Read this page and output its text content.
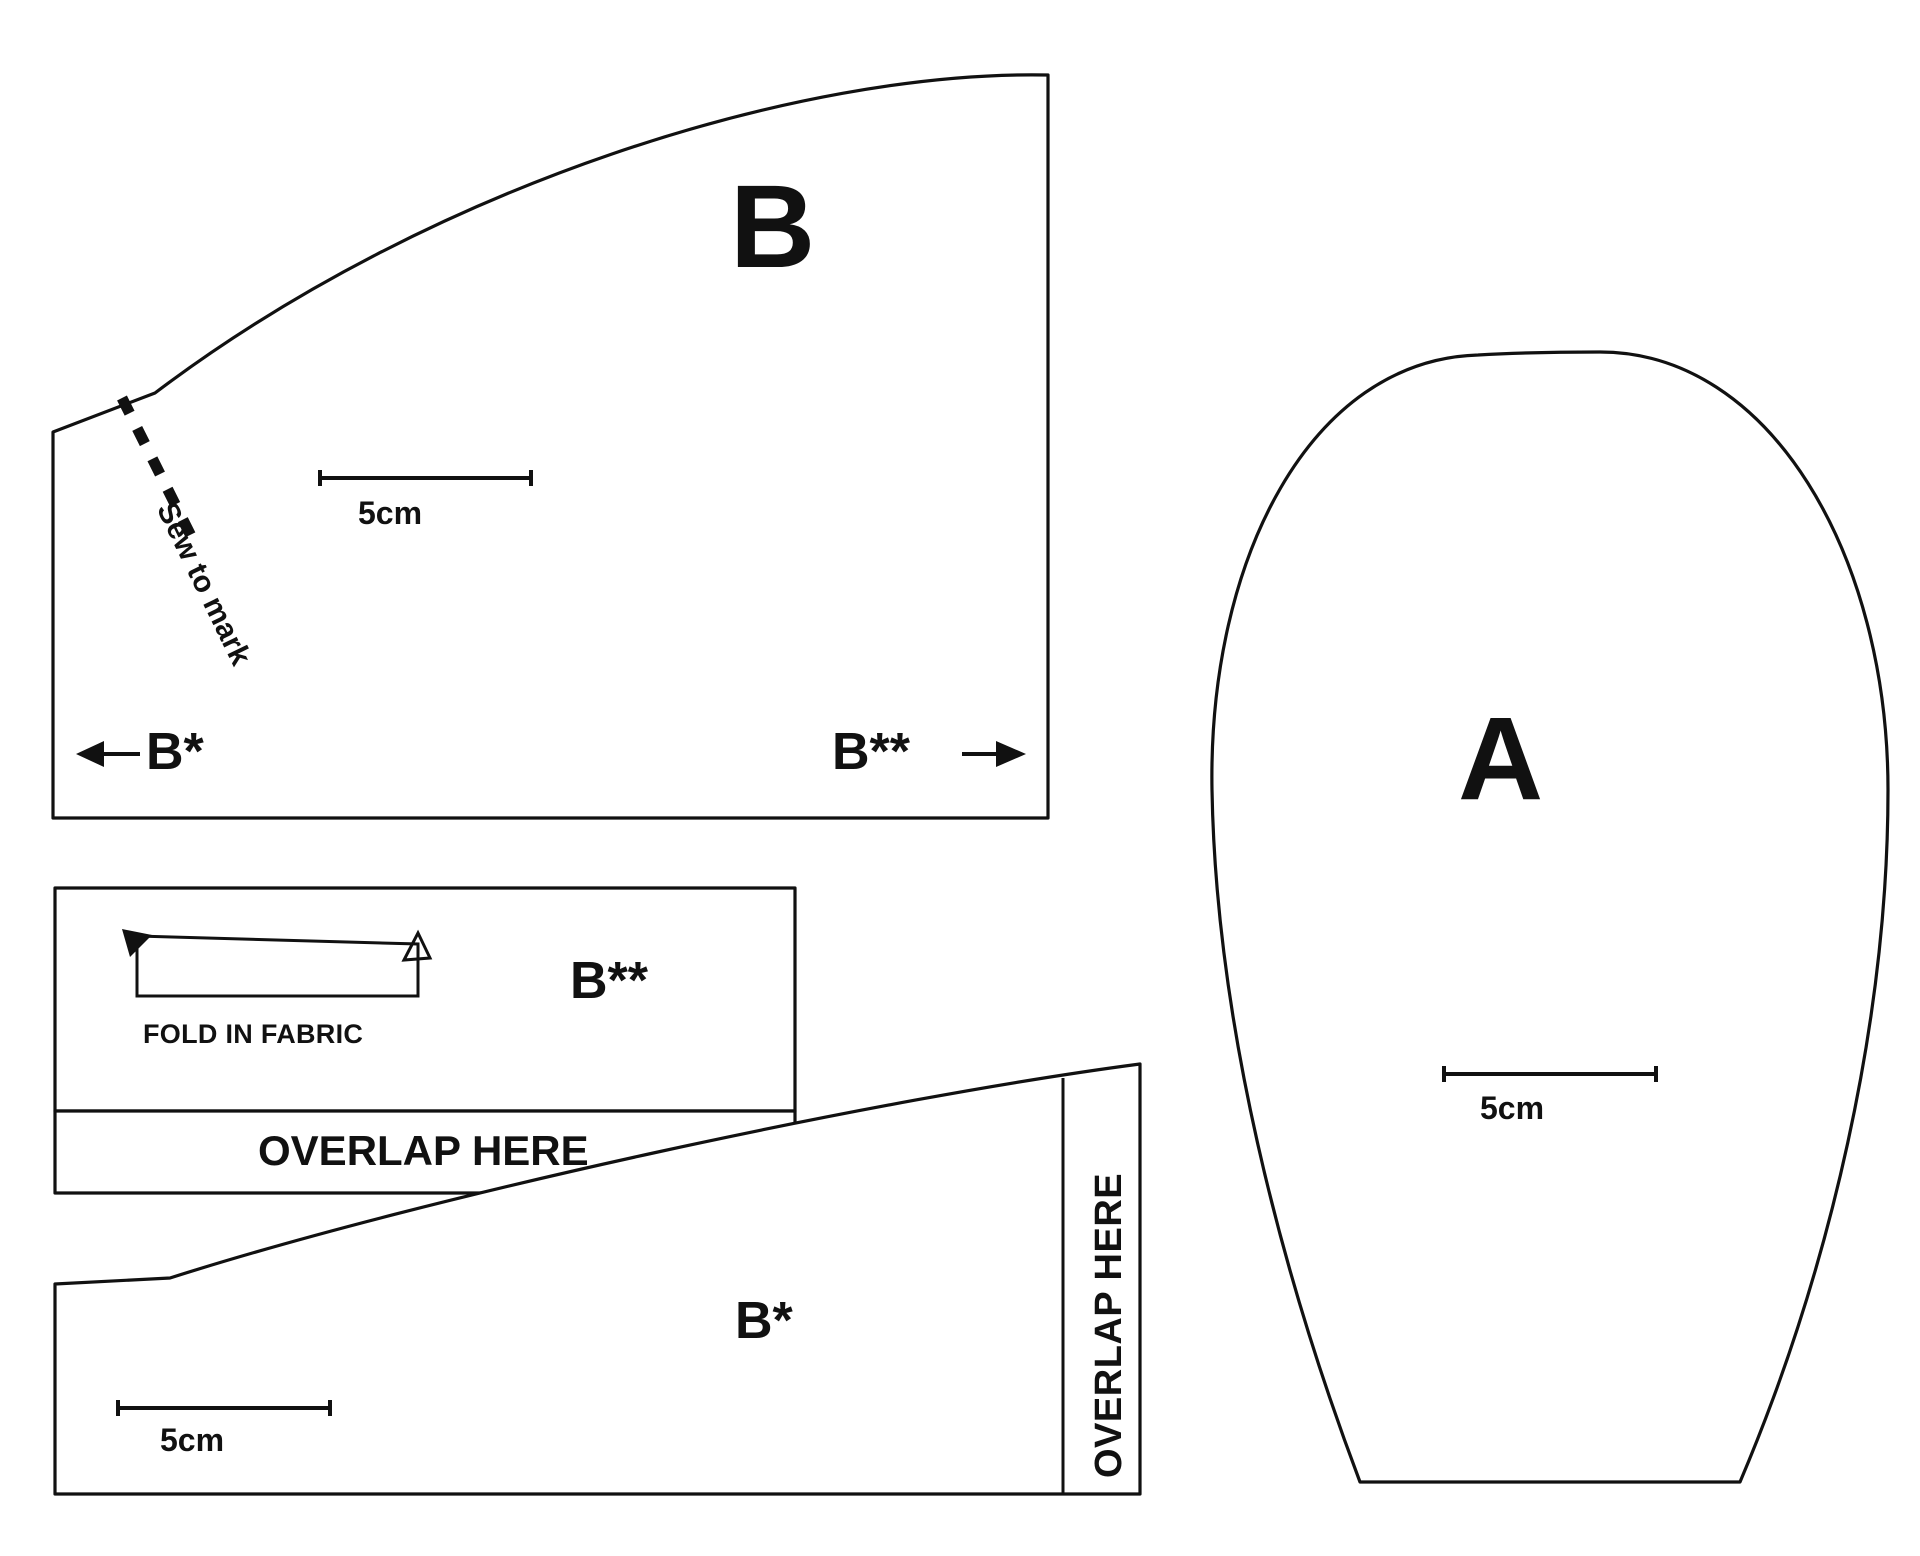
B
5cm
Sew to mark
B*	B**
B**
FOLD IN FABRIC
OVERLAP HERE
B*
5cm	OVERLAP HERE
A
5cm
